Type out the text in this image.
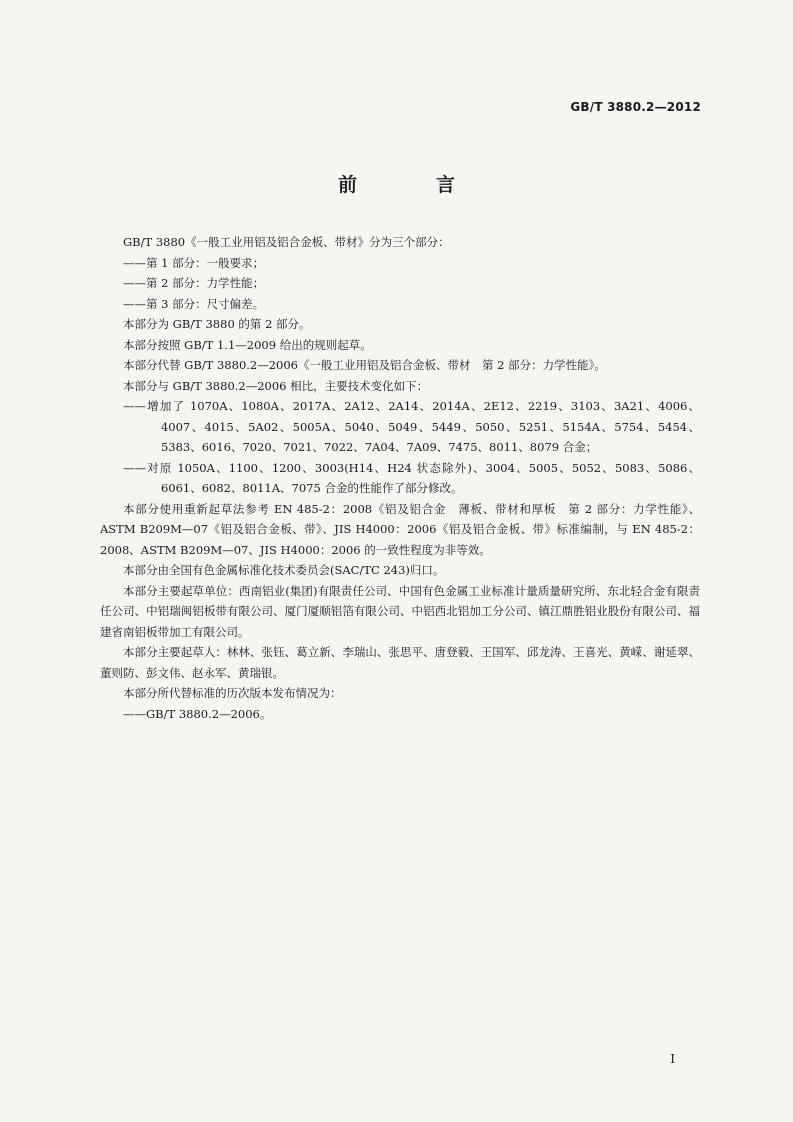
GB/T 3880.2—2012
前　言

GB/T 3880《一般工业用铝及铝合金板、带材》分为三个部分：

——第 1 部分：一般要求；

——第 2 部分：力学性能；

——第 3 部分：尺寸偏差。

本部分为 GB/T 3880 的第 2 部分。

本部分按照 GB/T 1.1—2009 给出的规则起草。

本部分代替 GB/T 3880.2—2006《一般工业用铝及铝合金板、带材　第 2 部分：力学性能》。

本部分与 GB/T 3880.2—2006 相比，主要技术变化如下：

——增加了 1070A、1080A、2017A、2A12、2A14、2014A、2E12、2219、3103、3A21、4006、4007、4015、5A02、5005A、5040、5049、5449、5050、5251、5154A、5754、5454、5383、6016、7020、7021、7022、7A04、7A09、7475、8011、8079 合金；

——对原 1050A、1100、1200、3003(H14、H24 状态除外)、3004、5005、5052、5083、5086、6061、6082、8011A、7075 合金的性能作了部分修改。

本部分使用重新起草法参考 EN 485-2：2008《铝及铝合金　薄板、带材和厚板　第 2 部分：力学性能》、ASTM B209M—07《铝及铝合金板、带》、JIS H4000：2006《铝及铝合金板、带》标准编制，与 EN 485-2：2008、ASTM B209M—07、JIS H4000：2006 的一致性程度为非等效。

本部分由全国有色金属标准化技术委员会(SAC/TC 243)归口。

本部分主要起草单位：西南铝业(集团)有限责任公司、中国有色金属工业标准计量质量研究所、东北轻合金有限责任公司、中铝瑞闽铝板带有限公司、厦门厦顺铝箔有限公司、中铝西北铝加工分公司、镇江鼎胜铝业股份有限公司、福建省南铝板带加工有限公司。

本部分主要起草人：林林、张钰、葛立新、李瑞山、张思平、唐登毅、王国军、邱龙涛、王喜光、黄嵘、谢延翠、董则防、彭文伟、赵永军、黄瑞银。

本部分所代替标准的历次版本发布情况为：

——GB/T 3880.2—2006。

I
